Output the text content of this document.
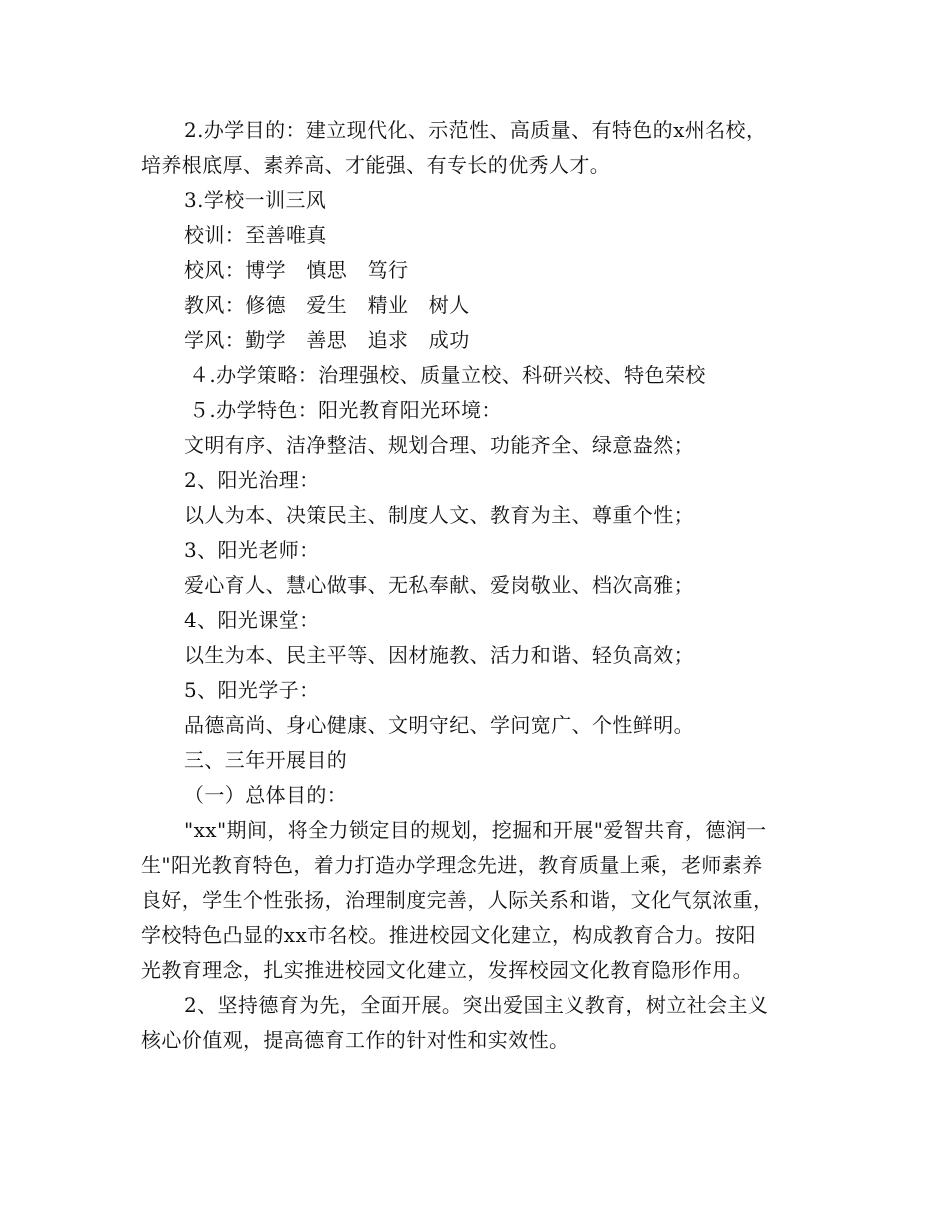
2.办学目的：建立现代化、示范性、高质量、有特色的x州名校，
培养根底厚、素养高、才能强、有专长的优秀人才。
3.学校一训三风
校训：至善唯真
校风：博学　慎思　笃行
教风：修德　爱生　精业　树人
学风：勤学　善思　追求　成功
４.办学策略：治理强校、质量立校、科研兴校、特色荣校
５.办学特色：阳光教育阳光环境：
文明有序、洁净整洁、规划合理、功能齐全、绿意盎然；
2、阳光治理：
以人为本、决策民主、制度人文、教育为主、尊重个性；
3、阳光老师：
爱心育人、慧心做事、无私奉献、爱岗敬业、档次高雅；
4、阳光课堂：
以生为本、民主平等、因材施教、活力和谐、轻负高效；
5、阳光学子：
品德高尚、身心健康、文明守纪、学问宽广、个性鲜明。
三、三年开展目的
（一）总体目的：
"xx"期间，将全力锁定目的规划，挖掘和开展"爱智共育，德润一
生"阳光教育特色，着力打造办学理念先进，教育质量上乘，老师素养
良好，学生个性张扬，治理制度完善，人际关系和谐，文化气氛浓重，
学校特色凸显的xx市名校。推进校园文化建立，构成教育合力。按阳
光教育理念，扎实推进校园文化建立，发挥校园文化教育隐形作用。
2、坚持德育为先，全面开展。突出爱国主义教育，树立社会主义
核心价值观，提高德育工作的针对性和实效性。
